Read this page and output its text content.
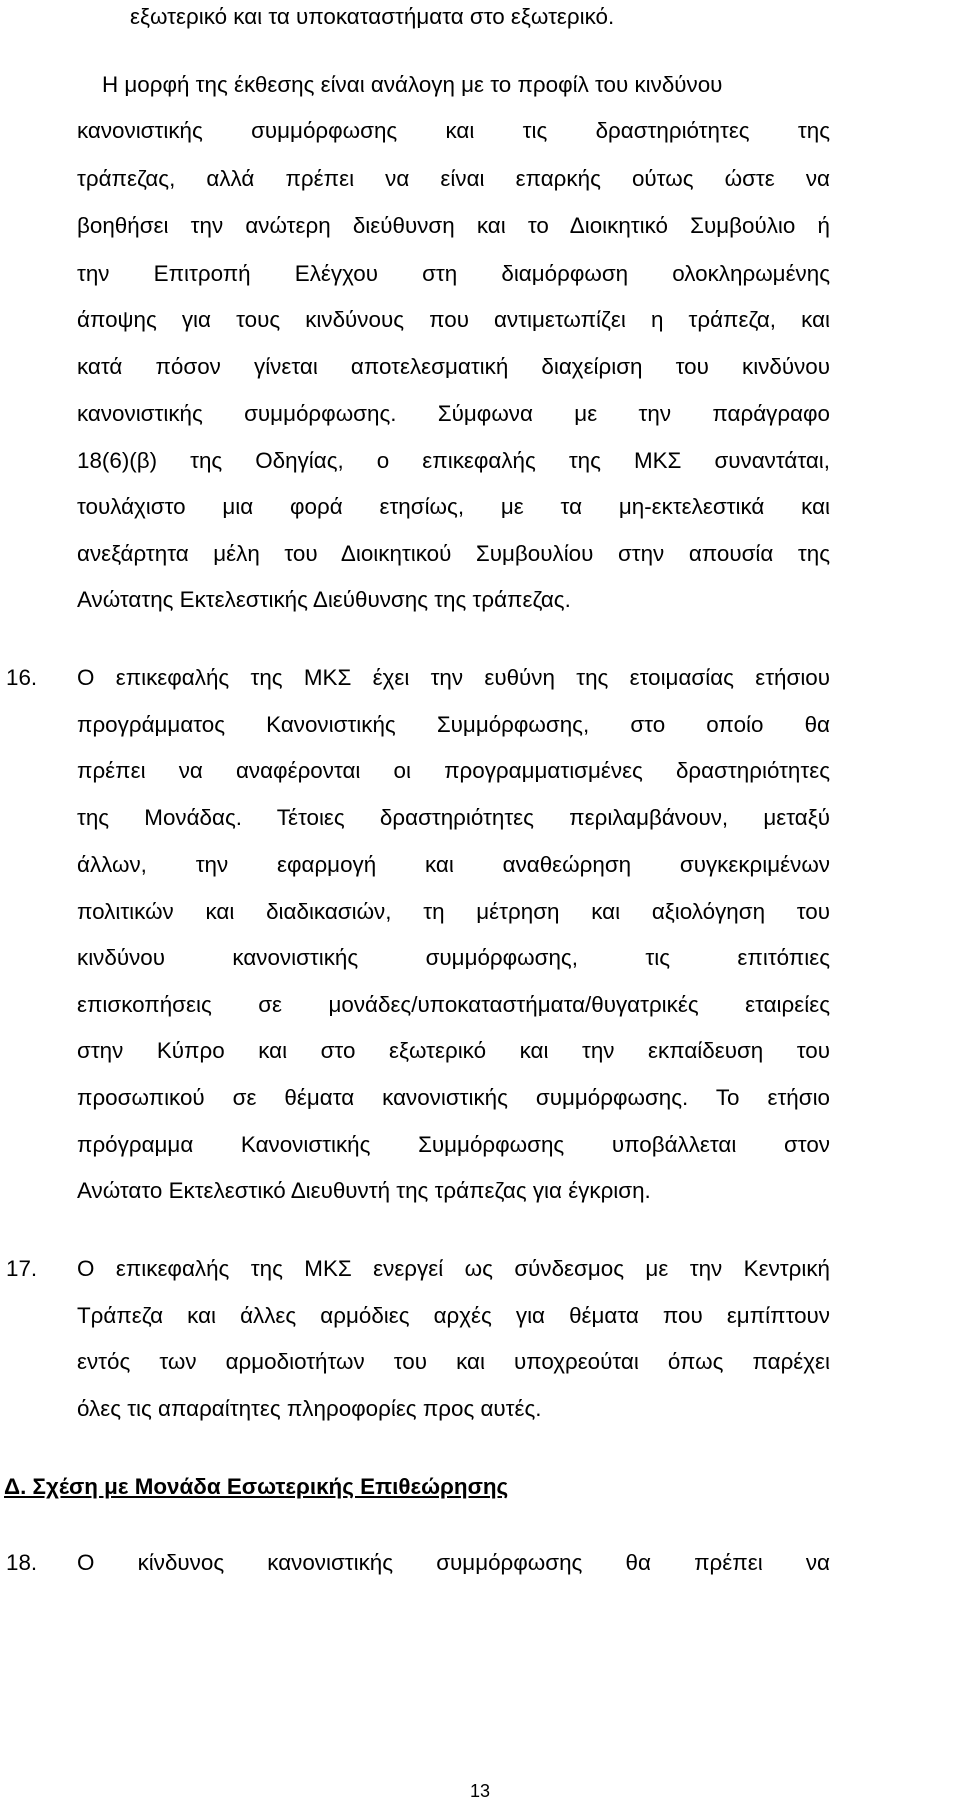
εξωτερικό και τα υποκαταστήματα στο εξωτερικό.
Η μορφή της έκθεσης είναι ανάλογη με το προφίλ του κινδύνου
κανονιστικής συμμόρφωσης και τις δραστηριότητες της
τράπεζας, αλλά πρέπει να είναι επαρκής ούτως ώστε να
βοηθήσει την ανώτερη διεύθυνση και το Διοικητικό Συμβούλιο ή
την Επιτροπή Ελέγχου στη διαμόρφωση ολοκληρωμένης
άποψης για τους κινδύνους που αντιμετωπίζει η τράπεζα, και
κατά πόσον γίνεται αποτελεσματική διαχείριση του κινδύνου
κανονιστικής συμμόρφωσης. Σύμφωνα με την παράγραφο
18(6)(β) της Οδηγίας, ο επικεφαλής της ΜΚΣ συναντάται,
τουλάχιστο μια φορά ετησίως, με τα μη-εκτελεστικά και
ανεξάρτητα μέλη του Διοικητικού Συμβουλίου στην απουσία της
Ανώτατης Εκτελεστικής Διεύθυνσης της τράπεζας.
16. Ο επικεφαλής της ΜΚΣ έχει την ευθύνη της ετοιμασίας ετήσιου
προγράμματος Κανονιστικής Συμμόρφωσης, στο οποίο θα
πρέπει να αναφέρονται οι προγραμματισμένες δραστηριότητες
της Μονάδας. Τέτοιες δραστηριότητες περιλαμβάνουν, μεταξύ
άλλων, την εφαρμογή και αναθεώρηση συγκεκριμένων
πολιτικών και διαδικασιών, τη μέτρηση και αξιολόγηση του
κινδύνου κανονιστικής συμμόρφωσης, τις επιτόπιες
επισκοπήσεις σε μονάδες/υποκαταστήματα/θυγατρικές εταιρείες
στην Κύπρο και στο εξωτερικό και την εκπαίδευση του
προσωπικού σε θέματα κανονιστικής συμμόρφωσης. Το ετήσιο
πρόγραμμα Κανονιστικής Συμμόρφωσης υποβάλλεται στον
Ανώτατο Εκτελεστικό Διευθυντή της τράπεζας για έγκριση.
17. Ο επικεφαλής της ΜΚΣ ενεργεί ως σύνδεσμος με την Κεντρική
Τράπεζα και άλλες αρμόδιες αρχές για θέματα που εμπίπτουν
εντός των αρμοδιοτήτων του και υποχρεούται όπως παρέχει
όλες τις απαραίτητες πληροφορίες προς αυτές.
Δ. Σχέση με Μονάδα Εσωτερικής Επιθεώρησης
18. Ο κίνδυνος κανονιστικής συμμόρφωσης θα πρέπει να
13
